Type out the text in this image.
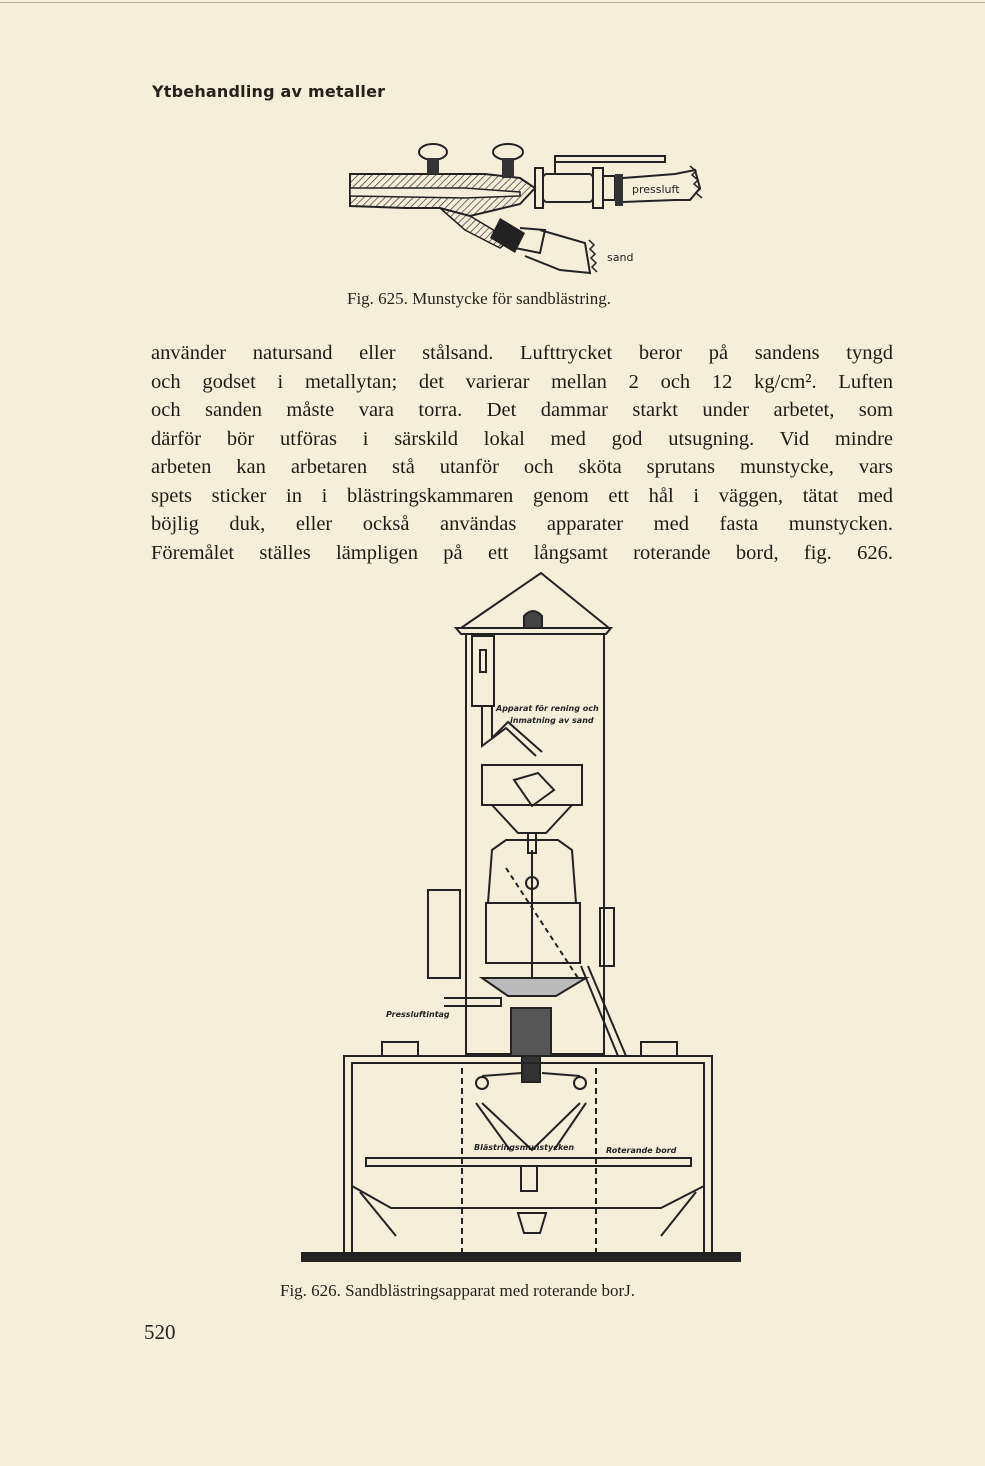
Ytbehandling av metaller
pressluft
sand
Fig. 625. Munstycke för sandblästring.
använder natursand eller stålsand. Lufttrycket beror på sandens tyngd
och godset i metallytan; det varierar mellan 2 och 12 kg/cm². Luften
och sanden måste vara torra. Det dammar starkt under arbetet, som
därför bör utföras i särskild lokal med god utsugning. Vid mindre
arbeten kan arbetaren stå utanför och sköta sprutans munstycke, vars
spets sticker in i blästringskammaren genom ett hål i väggen, tätat med
böjlig duk, eller också användas apparater med fasta munstycken.
Föremålet ställes lämpligen på ett långsamt roterande bord, fig. 626.
Apparat för rening och
inmatning av sand
Pressluftintag
Blästringsmunstycken	Roterande bord
Fig. 626. Sandblästringsapparat med roterande borJ.
520
